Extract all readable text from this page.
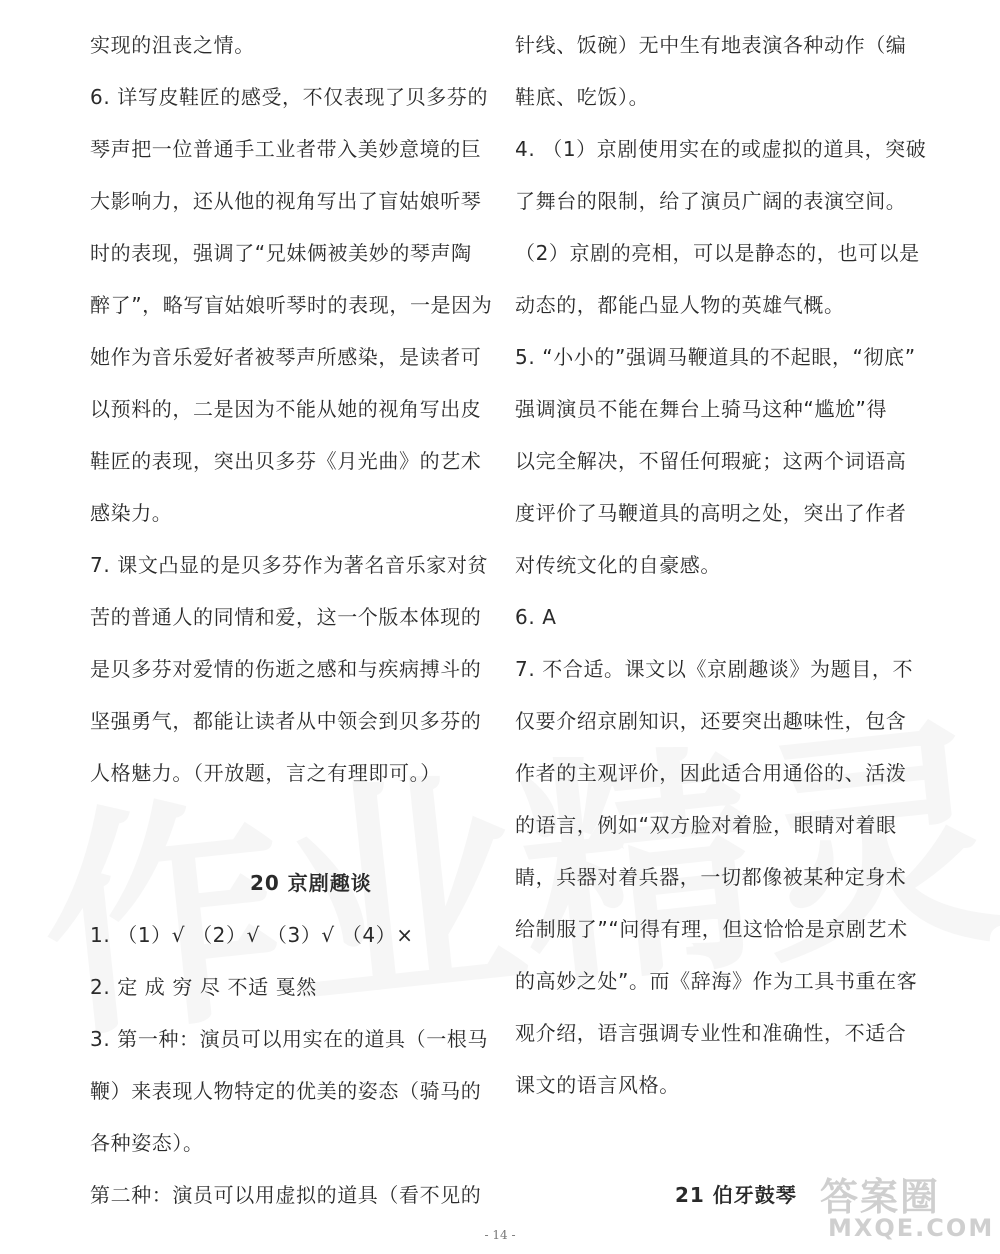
实现的沮丧之情。
6. 详写皮鞋匠的感受，不仅表现了贝多芬的
琴声把一位普通手工业者带入美妙意境的巨
大影响力，还从他的视角写出了盲姑娘听琴
时的表现，强调了“兄妹俩被美妙的琴声陶
醉了”，略写盲姑娘听琴时的表现，一是因为
她作为音乐爱好者被琴声所感染，是读者可
以预料的，二是因为不能从她的视角写出皮
鞋匠的表现，突出贝多芬《月光曲》的艺术
感染力。
7. 课文凸显的是贝多芬作为著名音乐家对贫
苦的普通人的同情和爱，这一个版本体现的
是贝多芬对爱情的伤逝之感和与疾病搏斗的
坚强勇气，都能让读者从中领会到贝多芬的
人格魅力。（开放题，言之有理即可。）
20 京剧趣谈
1. （1）√ （2）√ （3）√ （4）×
2. 定 成 穷 尽 不适 戛然
3. 第一种：演员可以用实在的道具（一根马
鞭）来表现人物特定的优美的姿态（骑马的
各种姿态）。
第二种：演员可以用虚拟的道具（看不见的
针线、饭碗）无中生有地表演各种动作（编
鞋底、吃饭）。
4. （1）京剧使用实在的或虚拟的道具，突破
了舞台的限制，给了演员广阔的表演空间。
（2）京剧的亮相，可以是静态的，也可以是
动态的，都能凸显人物的英雄气概。
5. “小小的”强调马鞭道具的不起眼，“彻底”
强调演员不能在舞台上骑马这种“尴尬”得
以完全解决，不留任何瑕疵；这两个词语高
度评价了马鞭道具的高明之处，突出了作者
对传统文化的自豪感。
6. A
7. 不合适。课文以《京剧趣谈》为题目，不
仅要介绍京剧知识，还要突出趣味性，包含
作者的主观评价，因此适合用通俗的、活泼
的语言，例如“双方脸对着脸，眼睛对着眼
睛，兵器对着兵器，一切都像被某种定身术
给制服了”“问得有理，但这恰恰是京剧艺术
的高妙之处”。而《辞海》作为工具书重在客
观介绍，语言强调专业性和准确性，不适合
课文的语言风格。
21 伯牙鼓琴
- 14 -
答案圈
MXQE.COM
